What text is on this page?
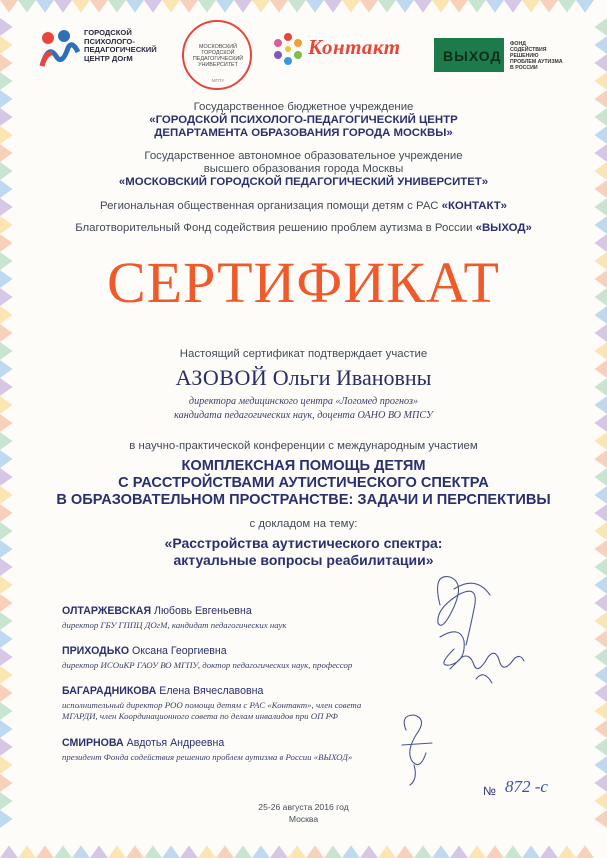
ГОРОДСКОЙ
ПСИХОЛОГО-
ПЕДАГОГИЧЕСКИЙ
ЦЕНТР ДОгМ
МОСКОВСКИЙ
ГОРОДСКОЙ
ПЕДАГОГИЧЕСКИЙ
УНИВЕРСИТЕТ
МГПУ
Контакт	ВЫХОД
ФОНД
СОДЕЙСТВИЯ
РЕШЕНИЮ
ПРОБЛЕМ АУТИЗМА
В РОССИИ
Государственное бюджетное учреждение
«ГОРОДСКОЙ ПСИХОЛОГО-ПЕДАГОГИЧЕСКИЙ ЦЕНТР
ДЕПАРТАМЕНТА ОБРАЗОВАНИЯ ГОРОДА МОСКВЫ»
Государственное автономное образовательное учреждение
высшего образования города Москвы
«МОСКОВСКИЙ ГОРОДСКОЙ ПЕДАГОГИЧЕСКИЙ УНИВЕРСИТЕТ»
Региональная общественная организация помощи детям с РАС «КОНТАКТ»
Благотворительный Фонд содействия решению проблем аутизма в России «ВЫХОД»
СЕРТИФИКАТ
Настоящий сертификат подтверждает участие
АЗОВОЙ Ольги Ивановны
директора медицинского центра «Логомед прогноз»
кандидата педагогических наук, доцента ОАНО ВО МПСУ
в научно-практической конференции с международным участием
КОМПЛЕКСНАЯ ПОМОЩЬ ДЕТЯМ
С РАССТРОЙСТВАМИ АУТИСТИЧЕСКОГО СПЕКТРА
В ОБРАЗОВАТЕЛЬНОМ ПРОСТРАНСТВЕ: ЗАДАЧИ И ПЕРСПЕКТИВЫ
с докладом на тему:
«Расстройства аутистического спектра:
актуальные вопросы реабилитации»
ОЛТАРЖЕВСКАЯ Любовь Евгеньевна
директор ГБУ ГППЦ ДОгМ, кандидат педагогических наук
ПРИХОДЬКО Оксана Георгиевна
директор ИСОиКР ГАОУ ВО МГПУ, доктор педагогических наук, профессор
БАГАРАДНИКОВА Елена Вячеславовна
исполнительный директор РОО помощи детям с РАС «Контакт», член совета МГАРДИ, член Координационного совета по делам инвалидов при ОП РФ
СМИРНОВА Авдотья Андреевна
президент Фонда содействия решению проблем аутизма в России «ВЫХОД»
№ 872 -с
25-26 августа 2016 год
Москва
